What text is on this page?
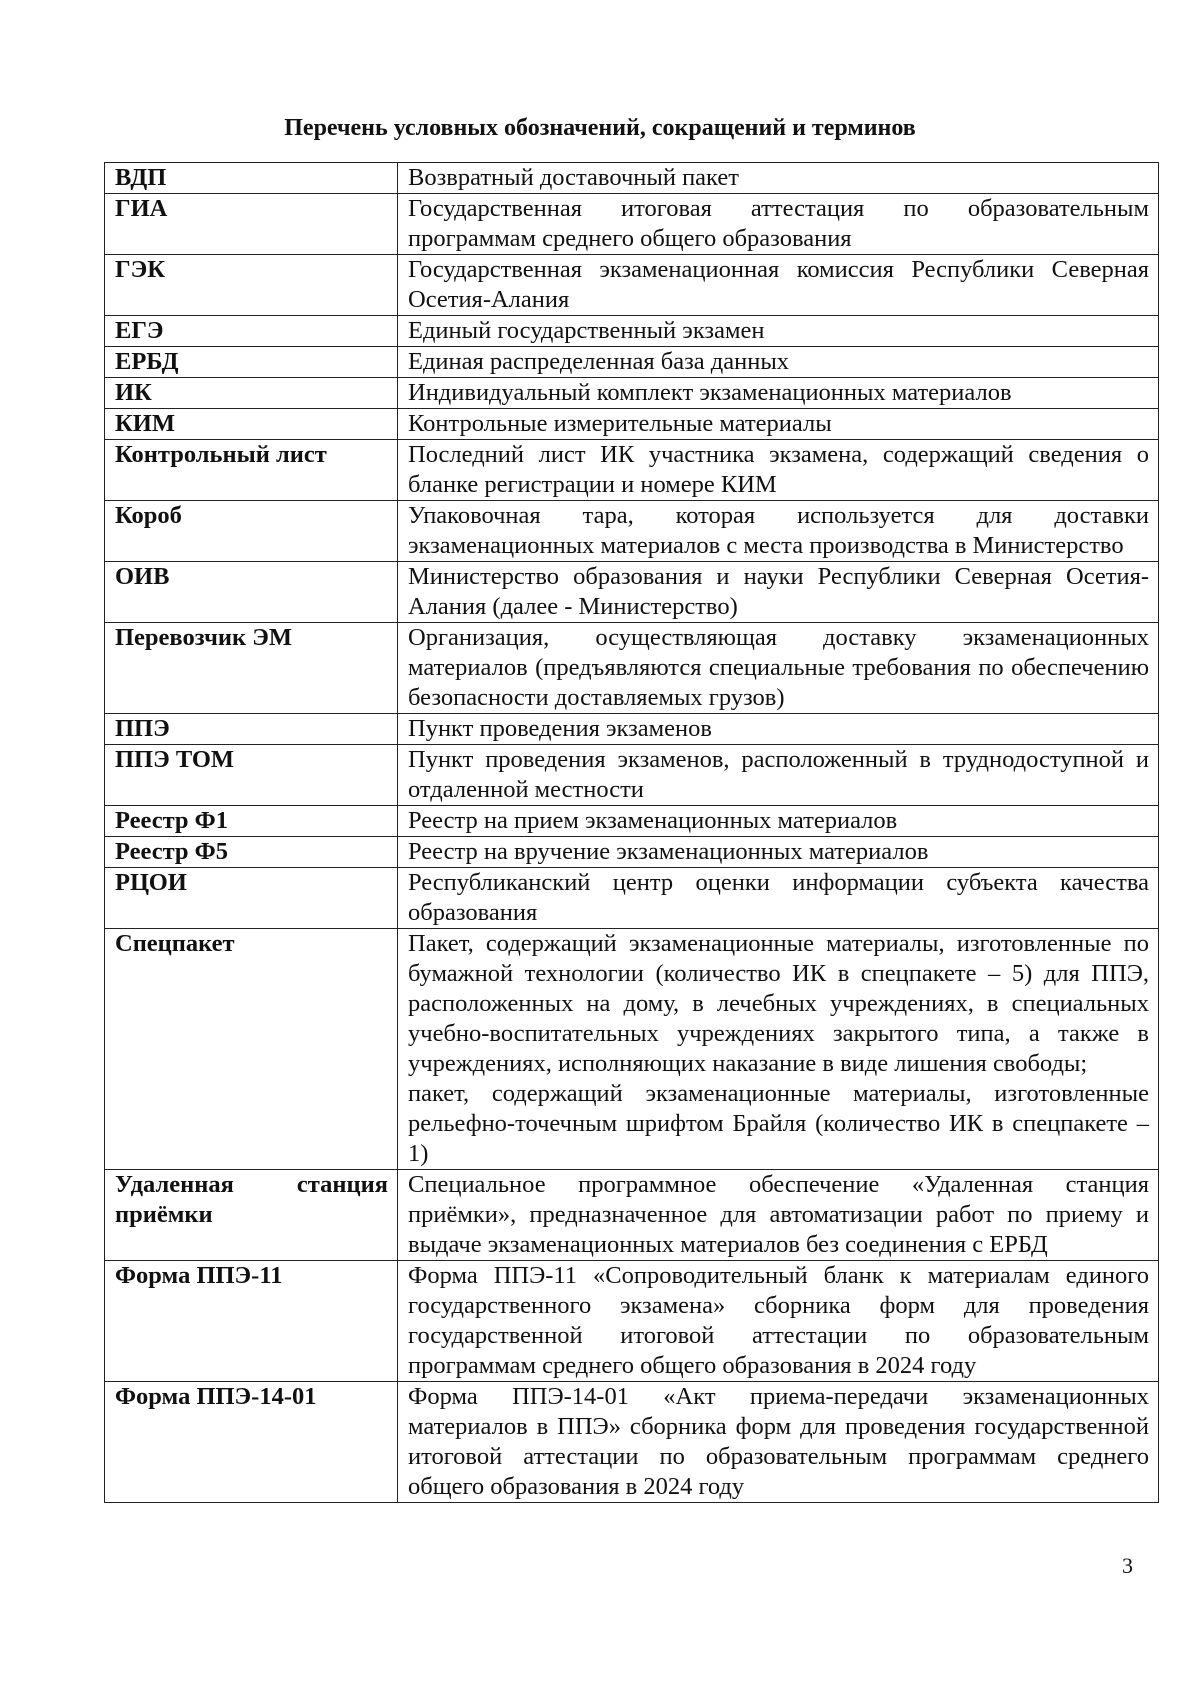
Перечень условных обозначений, сокращений и терминов
ВДП	Возвратный доставочный пакет
ГИА	Государственная итоговая аттестация по образовательным программам среднего общего образования
ГЭК	Государственная экзаменационная комиссия Республики Северная Осетия-Алания
ЕГЭ	Единый государственный экзамен
ЕРБД	Единая распределенная база данных
ИК	Индивидуальный комплект экзаменационных материалов
КИМ	Контрольные измерительные материалы
Контрольный лист	Последний лист ИК участника экзамена, содержащий сведения о бланке регистрации и номере КИМ
Короб	Упаковочная тара, которая используется для доставки экзаменационных материалов с места производства в Министерство
ОИВ	Министерство образования и науки Республики Северная Осетия-Алания (далее - Министерство)
Перевозчик ЭМ	Организация, осуществляющая доставку экзаменационных материалов (предъявляются специальные требования по обеспечению безопасности доставляемых грузов)
ППЭ	Пункт проведения экзаменов
ППЭ ТОМ	Пункт проведения экзаменов, расположенный в труднодоступной и отдаленной местности
Реестр Ф1	Реестр на прием экзаменационных материалов
Реестр Ф5	Реестр на вручение экзаменационных материалов
РЦОИ	Республиканский центр оценки информации субъекта качества образования
Спецпакет	Пакет, содержащий экзаменационные материалы, изготовленные по бумажной технологии (количество ИК в спецпакете – 5) для ППЭ, расположенных на дому, в лечебных учреждениях, в специальных учебно-воспитательных учреждениях закрытого типа, а также в учреждениях, исполняющих наказание в виде лишения свободы;
пакет, содержащий экзаменационные материалы, изготовленные рельефно-точечным шрифтом Брайля (количество ИК в спецпакете – 1)

Удаленная станция приёмки	Специальное программное обеспечение «Удаленная станция приёмки», предназначенное для автоматизации работ по приему и выдаче экзаменационных материалов без соединения с ЕРБД
Форма ППЭ-11	Форма ППЭ-11 «Сопроводительный бланк к материалам единого государственного экзамена» сборника форм для проведения государственной итоговой аттестации по образовательным программам среднего общего образования в 2024 году
Форма ППЭ-14-01	Форма ППЭ-14-01 «Акт приема-передачи экзаменационных материалов в ППЭ» сборника форм для проведения государственной итоговой аттестации по образовательным программам среднего общего образования в 2024 году
3
